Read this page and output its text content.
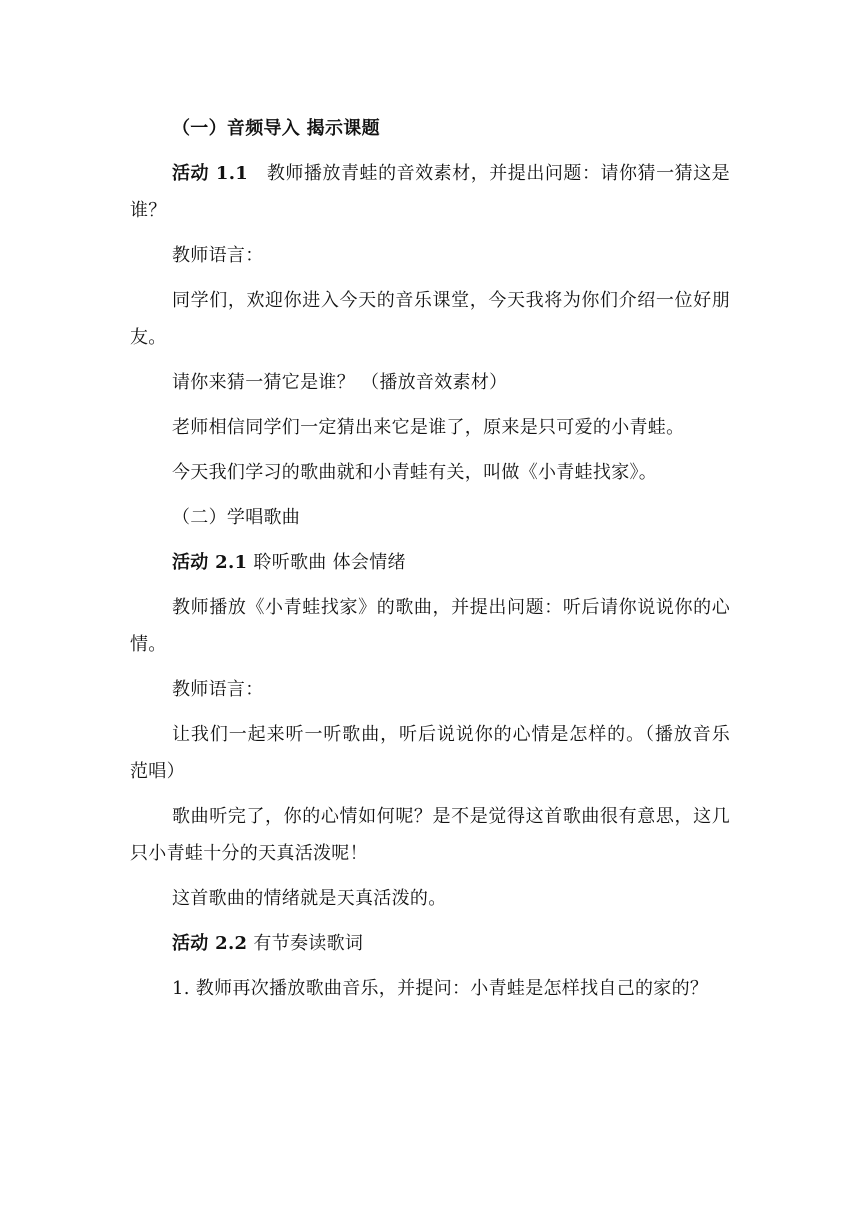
（一）音频导入 揭示课题

活动 1.1　教师播放青蛙的音效素材，并提出问题：请你猜一猜这是谁？

教师语言：

同学们，欢迎你进入今天的音乐课堂，今天我将为你们介绍一位好朋友。

请你来猜一猜它是谁？ （播放音效素材）

老师相信同学们一定猜出来它是谁了，原来是只可爱的小青蛙。

今天我们学习的歌曲就和小青蛙有关，叫做《小青蛙找家》。

（二）学唱歌曲

活动 2.1 聆听歌曲 体会情绪

教师播放《小青蛙找家》的歌曲，并提出问题：听后请你说说你的心情。

教师语言：

让我们一起来听一听歌曲，听后说说你的心情是怎样的。（播放音乐范唱）

歌曲听完了，你的心情如何呢？是不是觉得这首歌曲很有意思，这几只小青蛙十分的天真活泼呢！

这首歌曲的情绪就是天真活泼的。

活动 2.2 有节奏读歌词

1. 教师再次播放歌曲音乐，并提问：小青蛙是怎样找自己的家的？
